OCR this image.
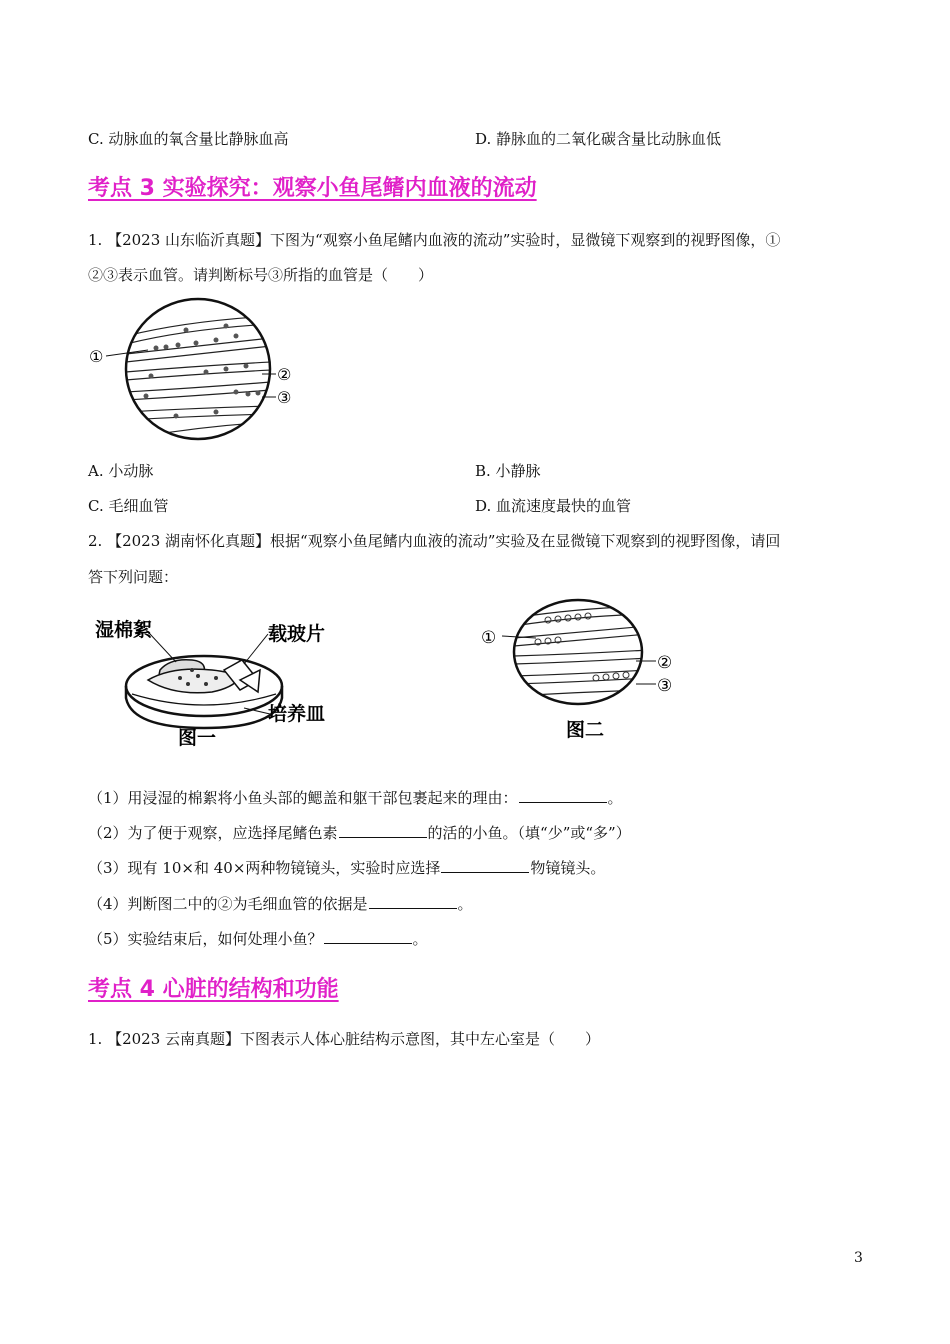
C. 动脉血的氧含量比静脉血高	D. 静脉血的二氧化碳含量比动脉血低
考点 3 实验探究：观察小鱼尾鳍内血液的流动
1. 【2023 山东临沂真题】下图为“观察小鱼尾鳍内血液的流动”实验时，显微镜下观察到的视野图像，①
②③表示血管。请判断标号③所指的血管是（　　）
①
②
③
A. 小动脉	B. 小静脉
C. 毛细血管	D. 血流速度最快的血管
2. 【2023 湖南怀化真题】根据“观察小鱼尾鳍内血液的流动”实验及在显微镜下观察到的视野图像，请回
答下列问题：
湿棉絮	载玻片
培养皿
图一
①
②
③
图二
（1）用浸湿的棉絮将小鱼头部的鳃盖和躯干部包裹起来的理由：	。
（2）为了便于观察，应选择尾鳍色素	的活的小鱼。（填“少”或“多”）
（3）现有 10×和 40×两种物镜镜头，实验时应选择	物镜镜头。
（4）判断图二中的②为毛细血管的依据是	。
（5）实验结束后，如何处理小鱼？	。
考点 4 心脏的结构和功能
1. 【2023 云南真题】下图表示人体心脏结构示意图，其中左心室是（　　）
3
